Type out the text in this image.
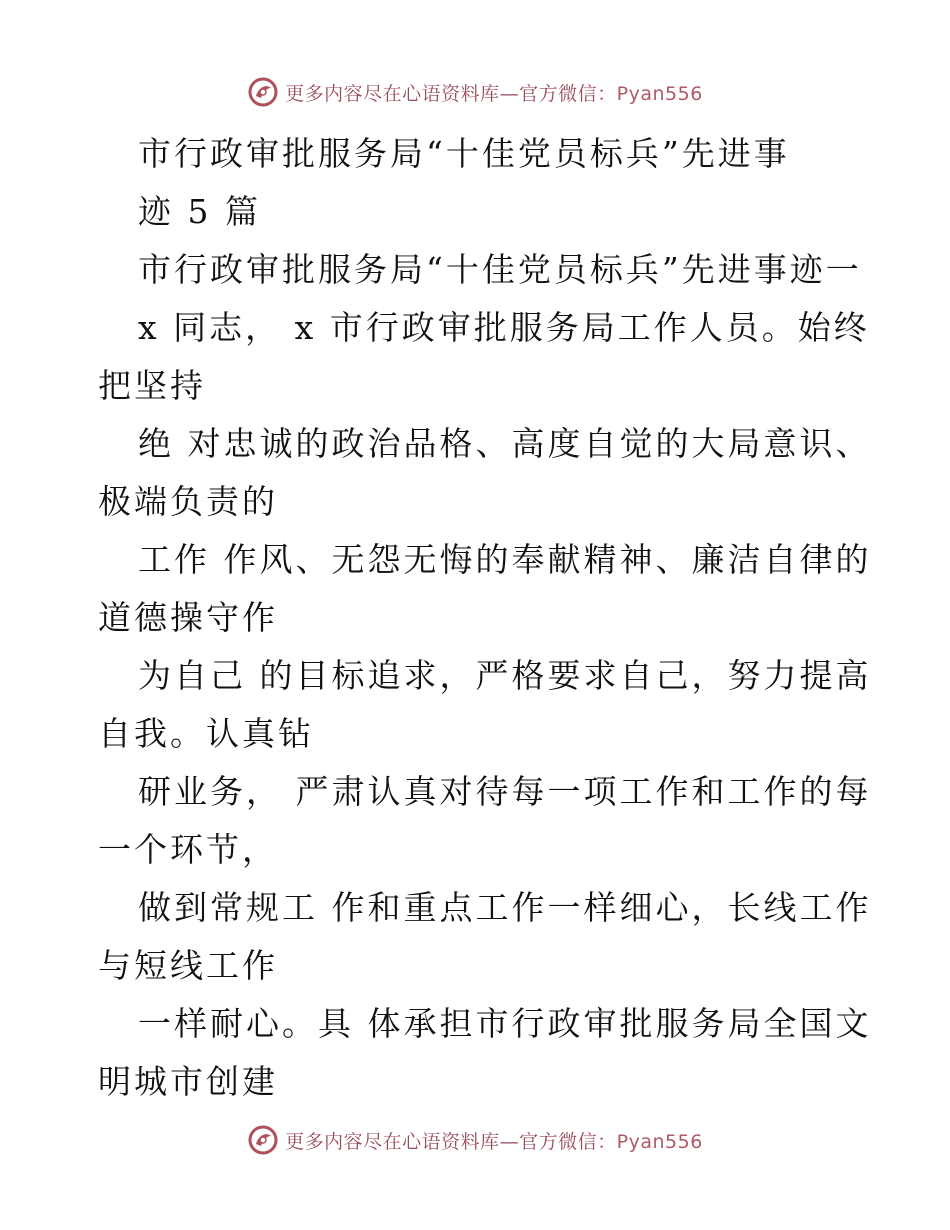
更多内容尽在心语资料库—官方微信：Pyan556
市行政审批服务局“十佳党员标兵”先进事
迹 5 篇
市行政审批服务局“十佳党员标兵”先进事迹一
x 同志， x 市行政审批服务局工作人员。始终
把坚持
绝 对忠诚的政治品格、高度自觉的大局意识、
极端负责的
工作 作风、无怨无悔的奉献精神、廉洁自律的
道德操守作
为自己 的目标追求，严格要求自己，努力提高
自我。认真钻
研业务， 严肃认真对待每一项工作和工作的每
一个环节，
做到常规工 作和重点工作一样细心，长线工作
与短线工作
一样耐心。具 体承担市行政审批服务局全国文
明城市创建
更多内容尽在心语资料库—官方微信：Pyan556
